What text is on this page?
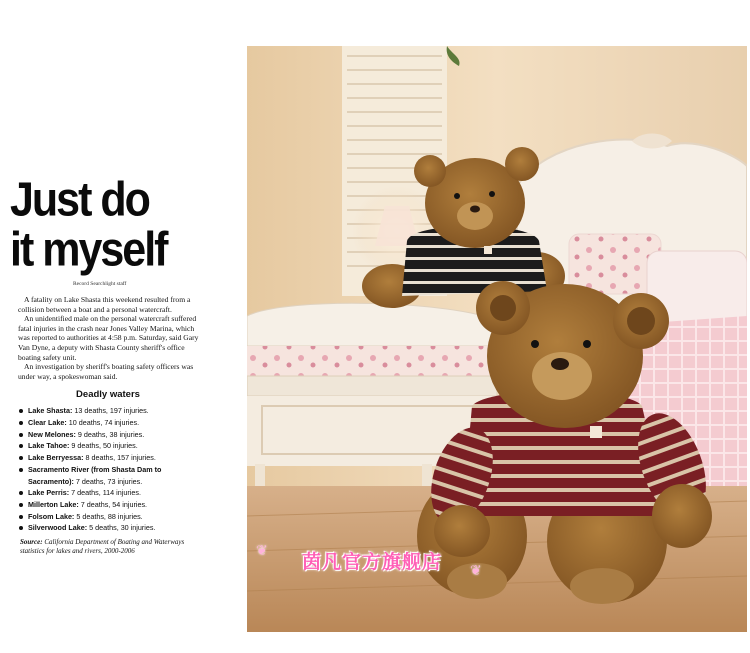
Just do
it myself
Record Searchlight staff

A fatality on Lake Shasta this weekend resulted from a collision between a boat and a personal watercraft.

An unidentified male on the personal watercraft suffered fatal injuries in the crash near Jones Valley Marina, which was reported to authorities at 4:58 p.m. Saturday, said Gary Van Dyne, a deputy with Shasta County sheriff's office boating safety unit.

An investigation by sheriff's boating safety officers was under way, a spokeswoman said.

Deadly waters
Lake Shasta: 13 deaths, 197 injuries.
Clear Lake: 10 deaths, 74 injuries.
New Melones: 9 deaths, 38 injuries.
Lake Tahoe: 9 deaths, 50 injuries.
Lake Berryessa: 8 deaths, 157 injuries.
Sacramento River (from Shasta Dam to Sacramento): 7 deaths, 73 injuries.
Lake Perris: 7 deaths, 114 injuries.
Millerton Lake: 7 deaths, 54 injuries.
Folsom Lake: 5 deaths, 88 injuries.
Silverwood Lake: 5 deaths, 30 injuries.
Source: California Department of Boating and Waterways statistics for lakes and rivers, 2000-2006	茵凡官方旗舰店
❦
❦
